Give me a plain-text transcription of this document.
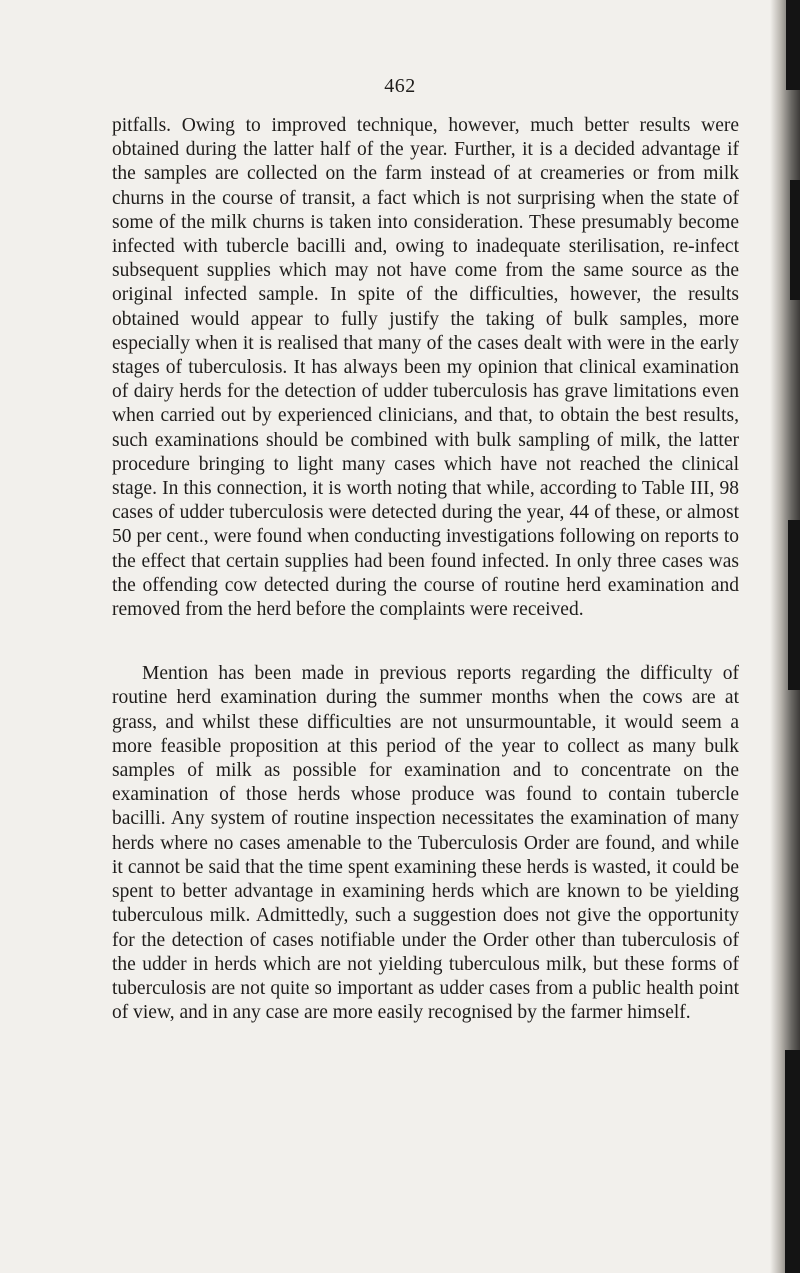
462

pitfalls. Owing to improved technique, however, much better results were obtained during the latter half of the year. Further, it is a decided advantage if the samples are collected on the farm instead of at creameries or from milk churns in the course of transit, a fact which is not surprising when the state of some of the milk churns is taken into consideration. These presumably become infected with tubercle bacilli and, owing to inadequate sterilisation, re-infect subsequent supplies which may not have come from the same source as the original infected sample. In spite of the difficulties, however, the results obtained would appear to fully justify the taking of bulk samples, more especially when it is realised that many of the cases dealt with were in the early stages of tuberculosis. It has always been my opinion that clinical examination of dairy herds for the detection of udder tuberculosis has grave limitations even when carried out by experienced clinicians, and that, to obtain the best results, such examinations should be combined with bulk sampling of milk, the latter procedure bringing to light many cases which have not reached the clinical stage. In this connection, it is worth noting that while, according to Table III, 98 cases of udder tuberculosis were detected during the year, 44 of these, or almost 50 per cent., were found when conducting investigations following on reports to the effect that certain supplies had been found infected. In only three cases was the offending cow detected during the course of routine herd examination and removed from the herd before the complaints were received.

Mention has been made in previous reports regarding the difficulty of routine herd examination during the summer months when the cows are at grass, and whilst these difficulties are not unsurmountable, it would seem a more feasible proposition at this period of the year to collect as many bulk samples of milk as possible for examination and to concentrate on the examination of those herds whose produce was found to contain tubercle bacilli. Any system of routine inspection necessitates the examination of many herds where no cases amenable to the Tuberculosis Order are found, and while it cannot be said that the time spent examining these herds is wasted, it could be spent to better advantage in examining herds which are known to be yielding tuberculous milk. Admittedly, such a suggestion does not give the opportunity for the detection of cases notifiable under the Order other than tuberculosis of the udder in herds which are not yielding tuberculous milk, but these forms of tuberculosis are not quite so important as udder cases from a public health point of view, and in any case are more easily recognised by the farmer himself.
